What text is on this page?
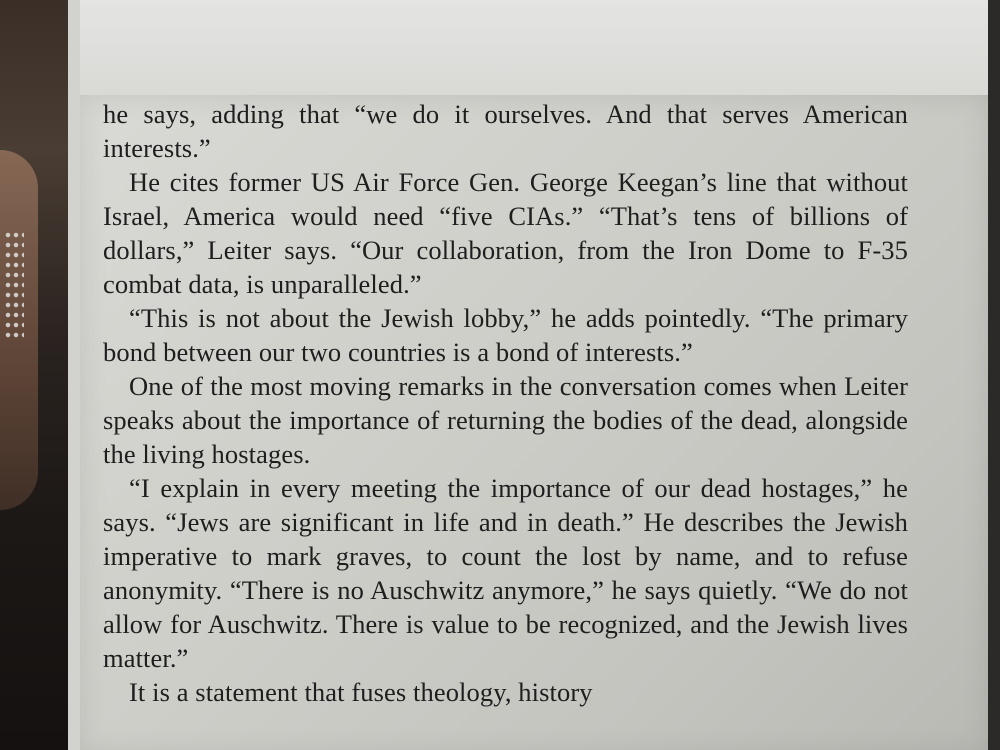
he says, adding that “we do it ourselves. And that serves American interests.”

He cites former US Air Force Gen. George Keegan’s line that without Israel, America would need “five CIAs.” “That’s tens of billions of dollars,” Leiter says. “Our collaboration, from the Iron Dome to F-35 combat data, is unparalleled.”

“This is not about the Jewish lobby,” he adds pointedly. “The primary bond between our two countries is a bond of interests.”

One of the most moving remarks in the conversation comes when Leiter speaks about the importance of returning the bodies of the dead, alongside the living hostages.

“I explain in every meeting the importance of our dead hostages,” he says. “Jews are significant in life and in death.” He describes the Jewish imperative to mark graves, to count the lost by name, and to refuse anonymity. “There is no Auschwitz anymore,” he says quietly. “We do not allow for Auschwitz. There is value to be recognized, and the Jewish lives matter.”

It is a statement that fuses theology, history
